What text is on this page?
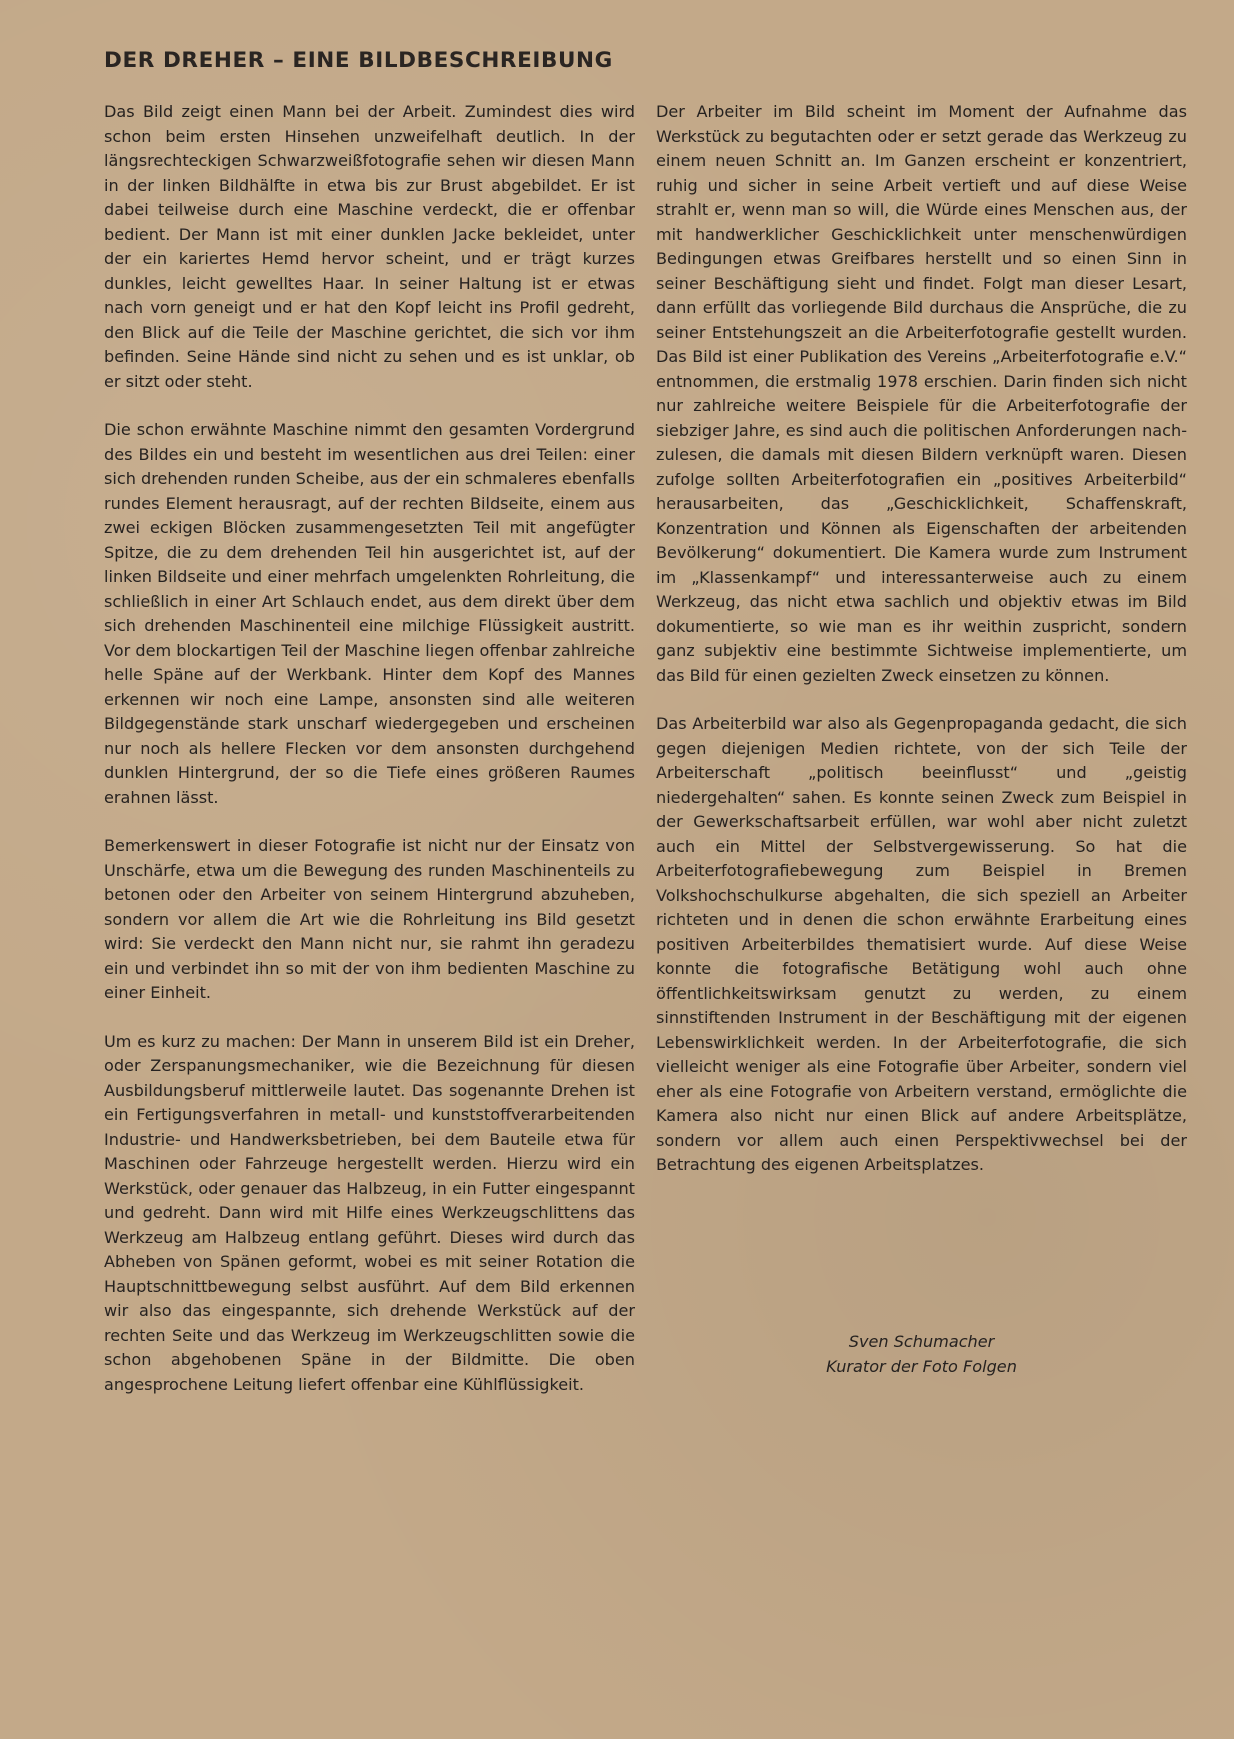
DER DREHER – EINE BILDBESCHREIBUNG

Das Bild zeigt einen Mann bei der Arbeit. Zumindest dies wird schon beim ersten Hinsehen unzweifelhaft deutlich. In der längsrechteckigen Schwarzweißfotografie sehen wir diesen Mann in der linken Bildhälfte in etwa bis zur Brust abgebildet. Er ist dabei teilweise durch eine Maschine verdeckt, die er offenbar bedient. Der Mann ist mit einer dunklen Jacke bekleidet, unter der ein kariertes Hemd hervor scheint, und er trägt kurzes dunkles, leicht gewelltes Haar. In seiner Haltung ist er etwas nach vorn geneigt und er hat den Kopf leicht ins Profil gedreht, den Blick auf die Teile der Maschine gerichtet, die sich vor ihm befinden. Seine Hände sind nicht zu sehen und es ist unklar, ob er sitzt oder steht.

Die schon erwähnte Maschine nimmt den gesamten Vordergrund des Bildes ein und besteht im wesentlichen aus drei Teilen: einer sich drehenden runden Scheibe, aus der ein schmaleres ebenfalls rundes Element herausragt, auf der rechten Bildseite, einem aus zwei eckigen Blöcken zusammengesetzten Teil mit angefügter Spitze, die zu dem drehenden Teil hin ausgerichtet ist, auf der linken Bildseite und einer mehrfach umgelenkten Rohrleitung, die schließlich in einer Art Schlauch endet, aus dem direkt über dem sich drehenden Maschinenteil eine milchige Flüssigkeit austritt. Vor dem blockartigen Teil der Maschine liegen offenbar zahlreiche helle Späne auf der Werkbank. Hinter dem Kopf des Mannes erkennen wir noch eine Lampe, ansonsten sind alle weiteren Bildgegenstände stark unscharf wiedergegeben und erscheinen nur noch als hellere Flecken vor dem ansonsten durchgehend dunklen Hintergrund, der so die Tiefe eines größeren Raumes erahnen lässt.

Bemerkenswert in dieser Fotografie ist nicht nur der Einsatz von Unschärfe, etwa um die Bewegung des runden Maschinenteils zu betonen oder den Arbeiter von seinem Hintergrund abzuheben, sondern vor allem die Art wie die Rohrleitung ins Bild gesetzt wird: Sie verdeckt den Mann nicht nur, sie rahmt ihn geradezu ein und verbindet ihn so mit der von ihm bedienten Maschine zu einer Einheit.

Um es kurz zu machen: Der Mann in unserem Bild ist ein Dreher, oder Zerspanungsmechaniker, wie die Bezeichnung für diesen Ausbildungsberuf mittlerweile lautet. Das sogenannte Drehen ist ein Fertigungsverfahren in metall- und kunststoffverarbeitenden Industrie- und Handwerksbetrieben, bei dem Bauteile etwa für Maschinen oder Fahrzeuge hergestellt werden. Hierzu wird ein Werkstück, oder genauer das Halbzeug, in ein Futter eingespannt und gedreht. Dann wird mit Hilfe eines Werkzeugschlittens das Werkzeug am Halbzeug entlang geführt. Dieses wird durch das Abheben von Spänen geformt, wobei es mit seiner Rotation die Hauptschnittbewegung selbst ausführt. Auf dem Bild erkennen wir also das eingespannte, sich drehende Werkstück auf der rechten Seite und das Werkzeug im Werkzeugschlitten sowie die schon abgehobenen Späne in der Bildmitte. Die oben angesprochene Leitung liefert offenbar eine Kühlflüssigkeit.

Der Arbeiter im Bild scheint im Moment der Aufnahme das Werkstück zu begutachten oder er setzt gerade das Werkzeug zu einem neuen Schnitt an. Im Ganzen erscheint er konzentriert, ruhig und sicher in seine Arbeit vertieft und auf diese Weise strahlt er, wenn man so will, die Würde eines Menschen aus, der mit handwerklicher Geschicklichkeit unter menschenwürdigen Bedingungen etwas Greifbares herstellt und so einen Sinn in seiner Beschäftigung sieht und findet. Folgt man dieser Lesart, dann erfüllt das vorliegende Bild durchaus die Ansprüche, die zu seiner Entstehungszeit an die Arbeiterfotografie gestellt wurden. Das Bild ist einer Publikation des Vereins „Arbeiterfotografie e.V.“ entnommen, die erstmalig 1978 erschien. Darin finden sich nicht nur zahlreiche weitere Beispiele für die Arbeiterfotografie der siebziger Jahre, es sind auch die politischen Anforderungen nachzulesen, die damals mit diesen Bildern verknüpft waren. Diesen zufolge sollten Arbeiterfotografien ein „positives Arbeiterbild“ herausarbeiten, das „Geschicklichkeit, Schaffenskraft, Konzentration und Können als Eigenschaften der arbeitenden Bevölkerung“ dokumentiert. Die Kamera wurde zum Instrument im „Klassenkampf“ und interessanterweise auch zu einem Werkzeug, das nicht etwa sachlich und objektiv etwas im Bild dokumentierte, so wie man es ihr weithin zuspricht, sondern ganz subjektiv eine bestimmte Sichtweise implementierte, um das Bild für einen gezielten Zweck einsetzen zu können.

Das Arbeiterbild war also als Gegenpropaganda gedacht, die sich gegen diejenigen Medien richtete, von der sich Teile der Arbeiterschaft „politisch beeinflusst“ und „geistig niedergehalten“ sahen. Es konnte seinen Zweck zum Beispiel in der Gewerkschaftsarbeit erfüllen, war wohl aber nicht zuletzt auch ein Mittel der Selbstvergewisserung. So hat die Arbeiterfotografiebewegung zum Beispiel in Bremen Volkshochschulkurse abgehalten, die sich speziell an Arbeiter richteten und in denen die schon erwähnte Erarbeitung eines positiven Arbeiterbildes thematisiert wurde. Auf diese Weise konnte die fotografische Betätigung wohl auch ohne öffentlichkeitswirksam genutzt zu werden, zu einem sinnstiftenden Instrument in der Beschäftigung mit der eigenen Lebenswirklichkeit werden. In der Arbeiterfotografie, die sich vielleicht weniger als eine Fotografie über Arbeiter, sondern viel eher als eine Fotografie von Arbeitern verstand, ermöglichte die Kamera also nicht nur einen Blick auf andere Arbeitsplätze, sondern vor allem auch einen Perspektivwechsel bei der Betrachtung des eigenen Arbeitsplatzes.

Sven Schumacher
Kurator der Foto Folgen
